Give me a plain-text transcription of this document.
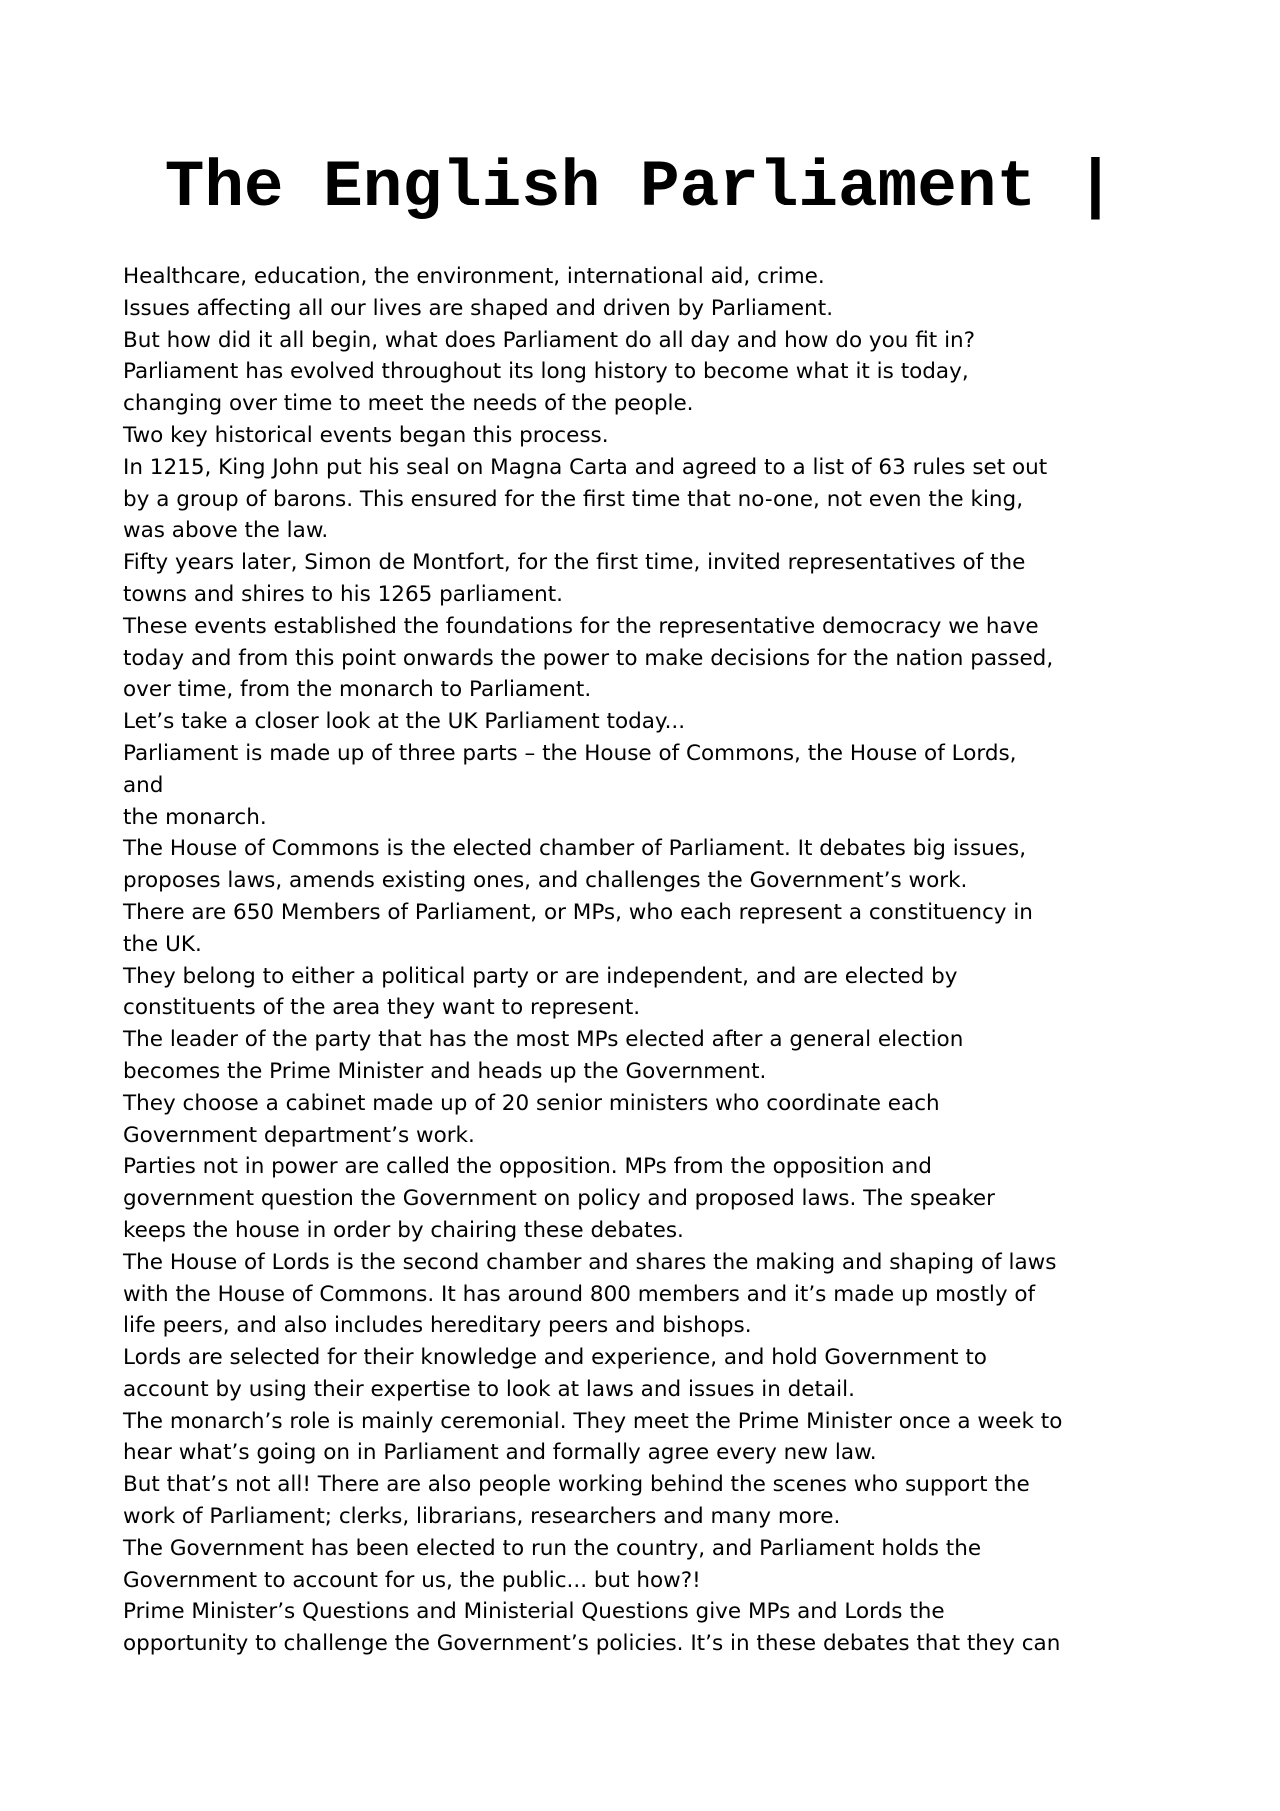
The English Parliament |
Healthcare, education, the environment, international aid, crime.
Issues affecting all our lives are shaped and driven by Parliament.
But how did it all begin, what does Parliament do all day and how do you fit in?
Parliament has evolved throughout its long history to become what it is today,
changing over time to meet the needs of the people.
Two key historical events began this process.
In 1215, King John put his seal on Magna Carta and agreed to a list of 63 rules set out
by a group of barons. This ensured for the first time that no-one, not even the king,
was above the law.
Fifty years later, Simon de Montfort, for the first time, invited representatives of the
towns and shires to his 1265 parliament.
These events established the foundations for the representative democracy we have
today and from this point onwards the power to make decisions for the nation passed,
over time, from the monarch to Parliament.
Let’s take a closer look at the UK Parliament today...
Parliament is made up of three parts – the House of Commons, the House of Lords,
and
the monarch.
The House of Commons is the elected chamber of Parliament. It debates big issues,
proposes laws, amends existing ones, and challenges the Government’s work.
There are 650 Members of Parliament, or MPs, who each represent a constituency in
the UK.
They belong to either a political party or are independent, and are elected by
constituents of the area they want to represent.
The leader of the party that has the most MPs elected after a general election
becomes the Prime Minister and heads up the Government.
They choose a cabinet made up of 20 senior ministers who coordinate each
Government department’s work.
Parties not in power are called the opposition. MPs from the opposition and
government question the Government on policy and proposed laws. The speaker
keeps the house in order by chairing these debates.
The House of Lords is the second chamber and shares the making and shaping of laws
with the House of Commons. It has around 800 members and it’s made up mostly of
life peers, and also includes hereditary peers and bishops.
Lords are selected for their knowledge and experience, and hold Government to
account by using their expertise to look at laws and issues in detail.
The monarch’s role is mainly ceremonial. They meet the Prime Minister once a week to
hear what’s going on in Parliament and formally agree every new law.
But that’s not all! There are also people working behind the scenes who support the
work of Parliament; clerks, librarians, researchers and many more.
The Government has been elected to run the country, and Parliament holds the
Government to account for us, the public... but how?!
Prime Minister’s Questions and Ministerial Questions give MPs and Lords the
opportunity to challenge the Government’s policies. It’s in these debates that they can
